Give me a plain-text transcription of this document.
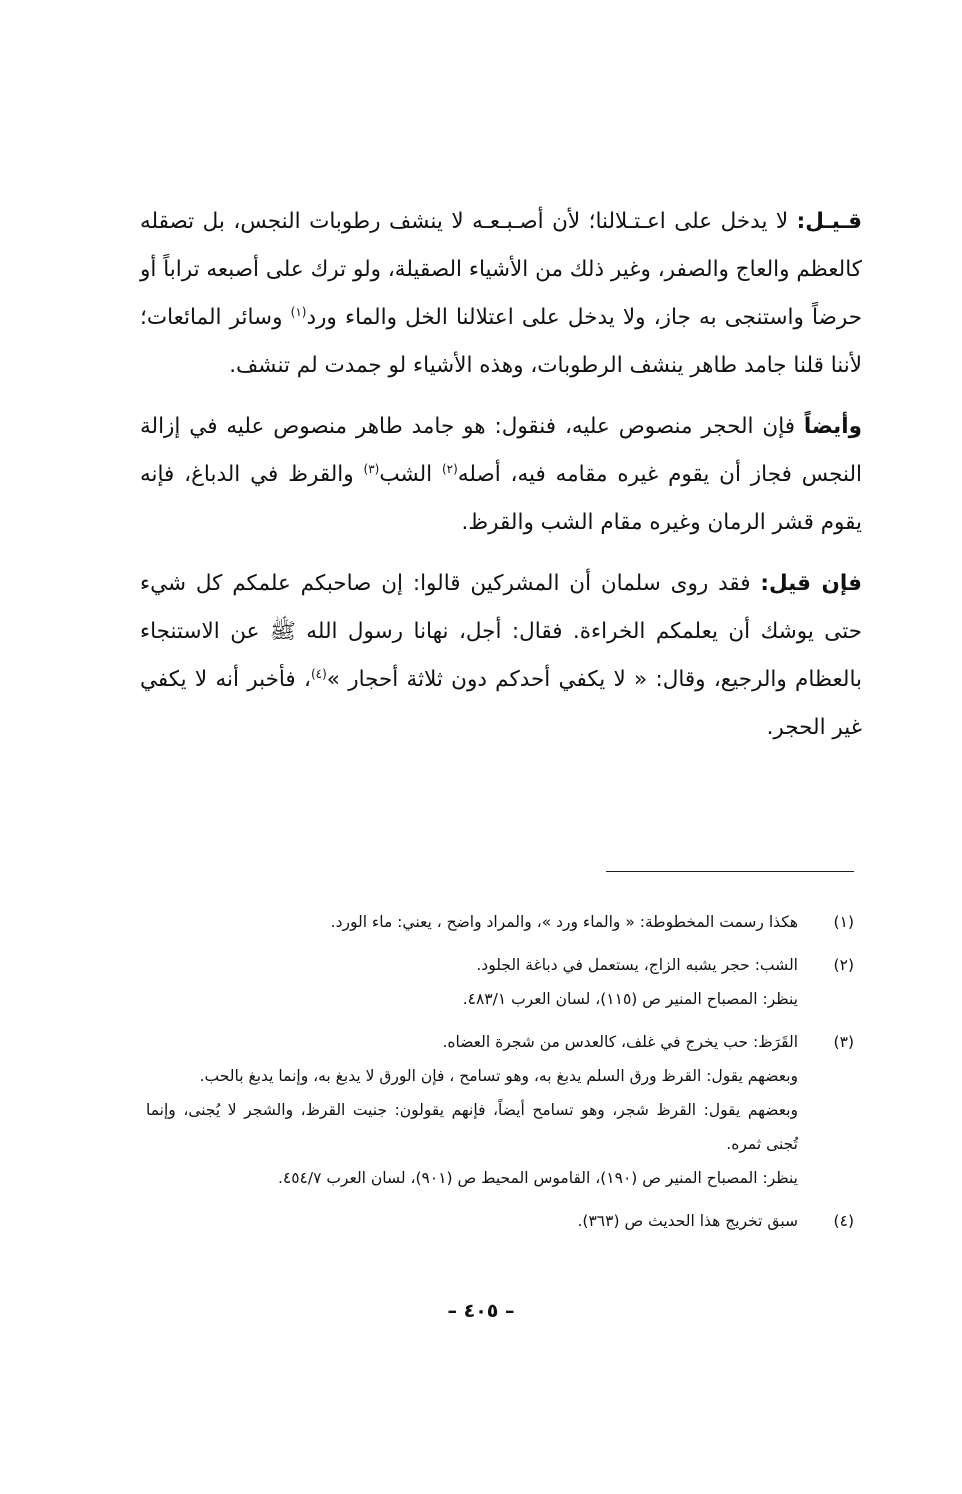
قـيـل: لا يدخل على اعـتـلالنا؛ لأن أصـبـعـه لا ينشف رطوبات النجس، بل تصقله كالعظم والعاج والصفر، وغير ذلك من الأشياء الصقيلة، ولو ترك على أصبعه تراباً أو حرضاً واستنجى به جاز، ولا يدخل على اعتلالنا الخل والماء ورد$^{(١)}$ وسائر المائعات؛ لأننا قلنا جامد طاهر ينشف الرطوبات، وهذه الأشياء لو جمدت لم تنشف.

وأيضاً فإن الحجر منصوص عليه، فنقول: هو جامد طاهر منصوص عليه في إزالة النجس فجاز أن يقوم غيره مقامه فيه، أصله$^{(٢)}$ الشب$^{(٣)}$ والقرظ في الدباغ، فإنه يقوم قشر الرمان وغيره مقام الشب والقرظ.

فإن قيل: فقد روى سلمان أن المشركين قالوا: إن صاحبكم علمكم كل شيء حتى يوشك أن يعلمكم الخراءة. فقال: أجل، نهانا رسول الله ﷺ عن الاستنجاء بالعظام والرجيع، وقال: « لا يكفي أحدكم دون ثلاثة أحجار »$^{(٤)}$، فأخبر أنه لا يكفي غير الحجر.

(١)
هكذا رسمت المخطوطة: « والماء ورد »، والمراد واضح ، يعني: ماء الورد.
(٢)
الشب: حجر يشبه الزاج، يستعمل في دباغة الجلود.
ينظر: المصباح المنير ص (١١٥)، لسان العرب ٤٨٣/١.
(٣)
القَرَظ: حب يخرج في غلف، كالعدس من شجرة العضاه.
وبعضهم يقول: القرظ ورق السلم يدبغ به، وهو تسامح ، فإن الورق لا يدبغ به، وإنما يدبغ بالحب.
وبعضهم يقول: القرظ شجر، وهو تسامح أيضاً، فإنهم يقولون: جنيت القرظ، والشجر لا يُجنى، وإنما تُجنى ثمره.
ينظر: المصباح المنير ص (١٩٠)، القاموس المحيط ص (٩٠١)، لسان العرب ٤٥٤/٧.
(٤)
سبق تخريج هذا الحديث ص (٣٦٣).
– ٤٠٥ –
